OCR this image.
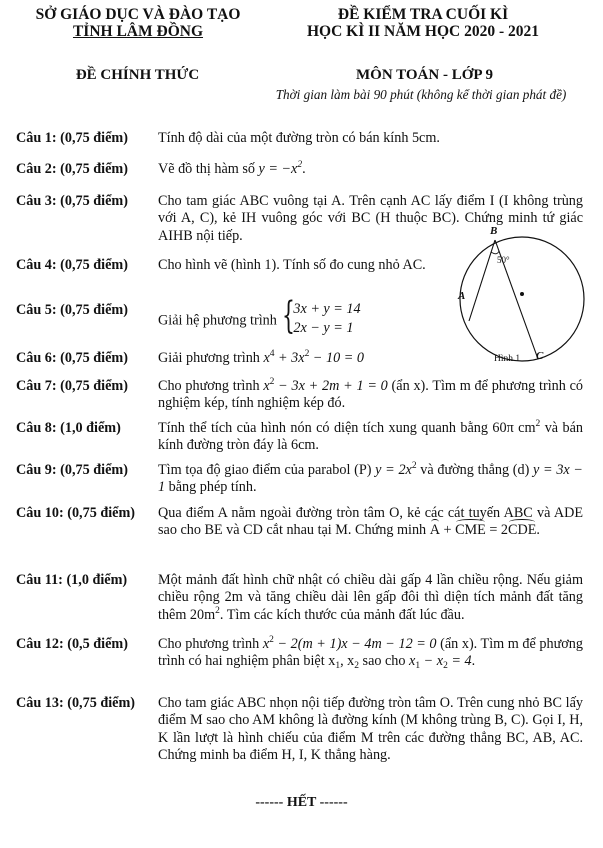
SỞ GIÁO DỤC VÀ ĐÀO TẠO
TỈNH LÂM ĐỒNG
ĐỀ KIỂM TRA CUỐI KÌ
HỌC KÌ II NĂM HỌC 2020 - 2021
ĐỀ CHÍNH THỨC	MÔN TOÁN - LỚP 9
Thời gian làm bài 90 phút (không kể thời gian phát đề)
Câu 1: (0,75 điểm) Tính độ dài của một đường tròn có bán kính 5cm.
Câu 2: (0,75 điểm) Vẽ đồ thị hàm số $y = -x^2$.
Câu 3: (0,75 điểm) Cho tam giác ABC vuông tại A. Trên cạnh AC lấy điểm I (I không trùng với A, C), kẻ IH vuông góc với BC (H thuộc BC). Chứng minh tứ giác AIHB nội tiếp.
Câu 4: (0,75 điểm) Cho hình vẽ (hình 1). Tính số đo cung nhỏ AC.
Câu 5: (0,75 điểm)
Giải hệ phương trình {
3x + y = 14
2x − y = 1
Câu 6: (0,75 điểm) Giải phương trình $x^4 + 3x^2 - 10 = 0$
Câu 7: (0,75 điểm) Cho phương trình $x^2 - 3x + 2m + 1 = 0$ (ẩn x). Tìm m để phương trình có nghiệm kép, tính nghiệm kép đó.
Câu 8: (1,0 điểm)	Tính thể tích của hình nón có diện tích xung quanh bằng 60π $cm^2$ và bán kính đường tròn đáy là 6cm.
Câu 9: (0,75 điểm) Tìm tọa độ giao điểm của parabol (P) $y = 2x^2$ và đường thẳng (d) y = 3x − 1 bằng phép tính.
Câu 10: (0,75 điểm) Qua điểm A nằm ngoài đường tròn tâm O, kẻ các cát tuyến ABC và ADE sao cho BE và CD cắt nhau tại M. Chứng minh A + CME = 2CDE.
Câu 11: (1,0 điểm) Một mảnh đất hình chữ nhật có chiều dài gấp 4 lần chiều rộng. Nếu giảm chiều rộng 2m và tăng chiều dài lên gấp đôi thì diện tích mảnh đất tăng thêm $20m^2$. Tìm các kích thước của mảnh đất lúc đầu.
Câu 12: (0,5 điểm) Cho phương trình $x^2 - 2(m + 1)x - 4m - 12 = 0$ (ẩn x). Tìm m để phương trình có hai nghiệm phân biệt $x_1$, $x_2$ sao cho $x_1 - x_2 = 4$.
Câu 13: (0,75 điểm) Cho tam giác ABC nhọn nội tiếp đường tròn tâm O. Trên cung nhỏ BC lấy điểm M sao cho AM không là đường kính (M không trùng B, C). Gọi I, H, K lần lượt là hình chiếu của điểm M trên các đường thẳng BC, AB, AC. Chứng minh ba điểm H, I, K thẳng hàng.
B
A
C
50°
Hình 1
------ HẾT ------
